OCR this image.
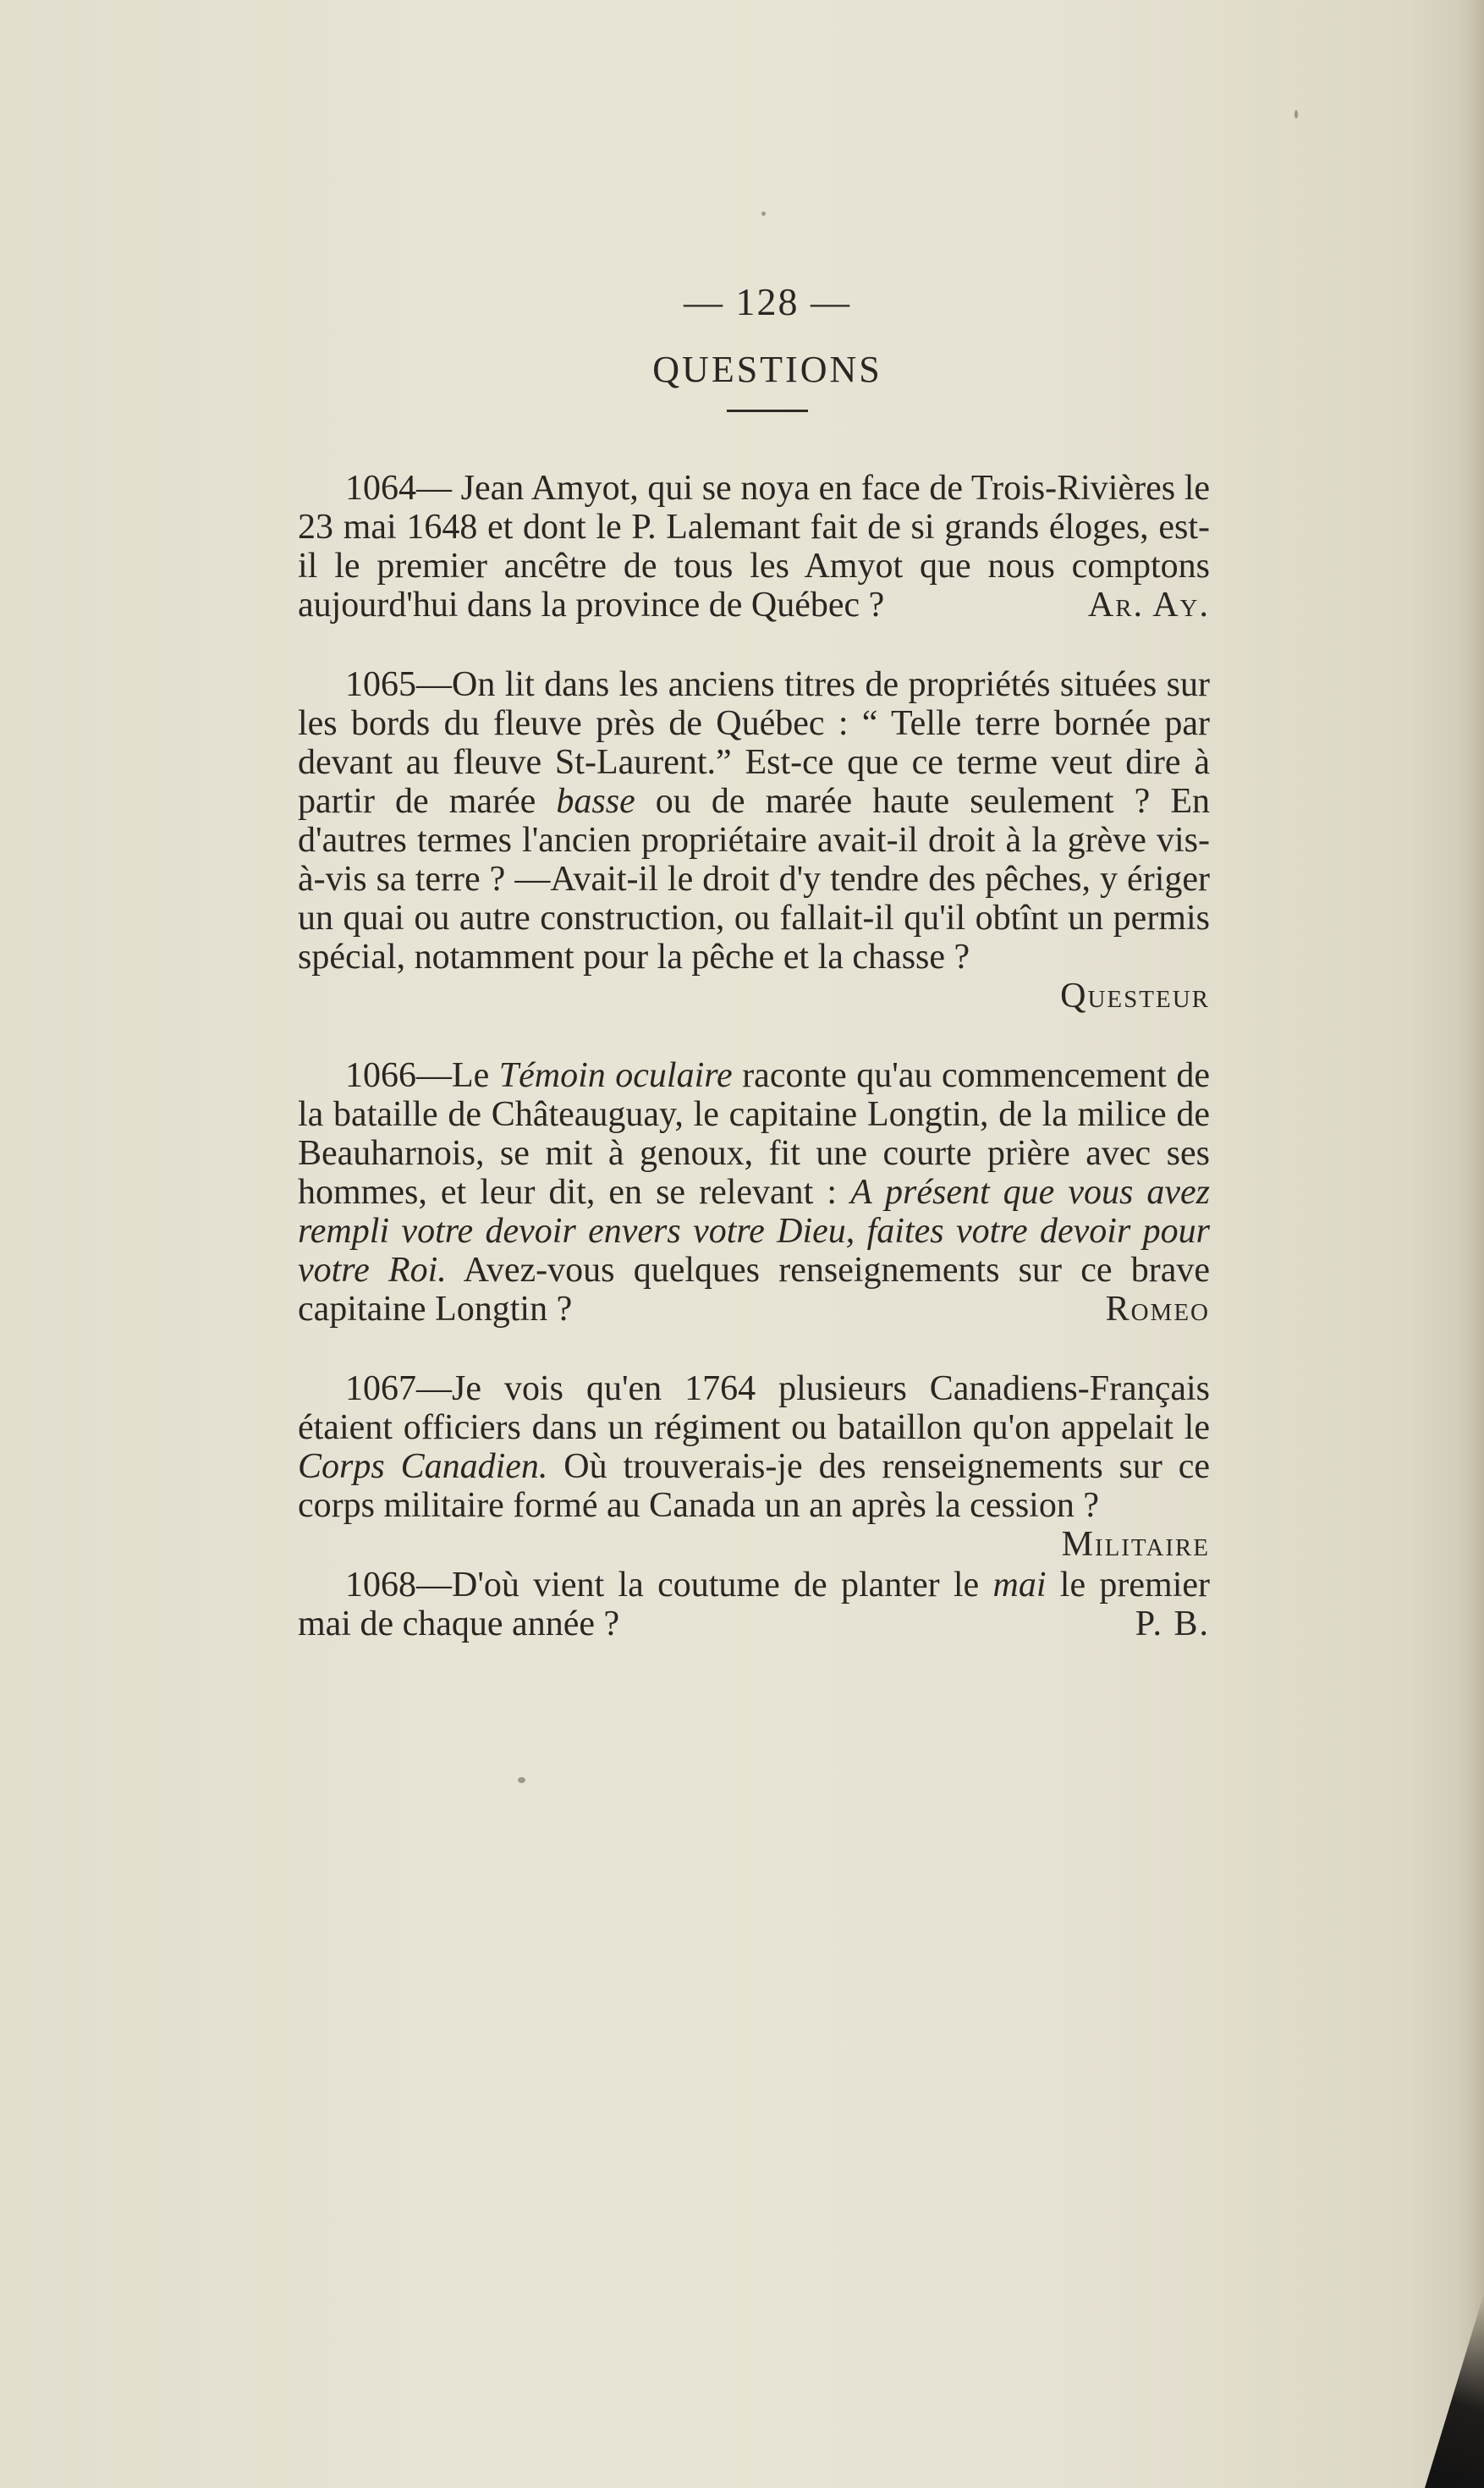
— 128 —
QUESTIONS

1064— Jean Amyot, qui se noya en face de Trois-Rivières le 23 mai 1648 et dont le P. Lalemant fait de si grands éloges, est-il le premier ancêtre de tous les Amyot que nous comptons aujourd'hui dans la province de Québec ?	Ar. Ay.

1065—On lit dans les anciens titres de propriétés situées sur les bords du fleuve près de Québec : “ Telle terre bornée par devant au fleuve St-Laurent.” Est-ce que ce terme veut dire à partir de marée basse ou de marée haute seulement ? En d'autres termes l'ancien propriétaire avait-il droit à la grève vis-à-vis sa terre ? —Avait-il le droit d'y tendre des pêches, y ériger un quai ou autre construction, ou fallait-il qu'il obtînt un permis spécial, notamment pour la pêche et la chasse ?
Questeur

1066—Le Témoin oculaire raconte qu'au commencement de la bataille de Châteauguay, le capitaine Longtin, de la milice de Beauharnois, se mit à genoux, fit une courte prière avec ses hommes, et leur dit, en se relevant : A présent que vous avez rempli votre devoir envers votre Dieu, faites votre devoir pour votre Roi. Avez-vous quelques renseignements sur ce brave capitaine Longtin ?	Romeo

1067—Je vois qu'en 1764 plusieurs Canadiens-Français étaient officiers dans un régiment ou bataillon qu'on appelait le Corps Canadien. Où trouverais-je des renseignements sur ce corps militaire formé au Canada un an après la cession ?
Militaire

1068—D'où vient la coutume de planter le mai le premier mai de chaque année ?	P. B.
